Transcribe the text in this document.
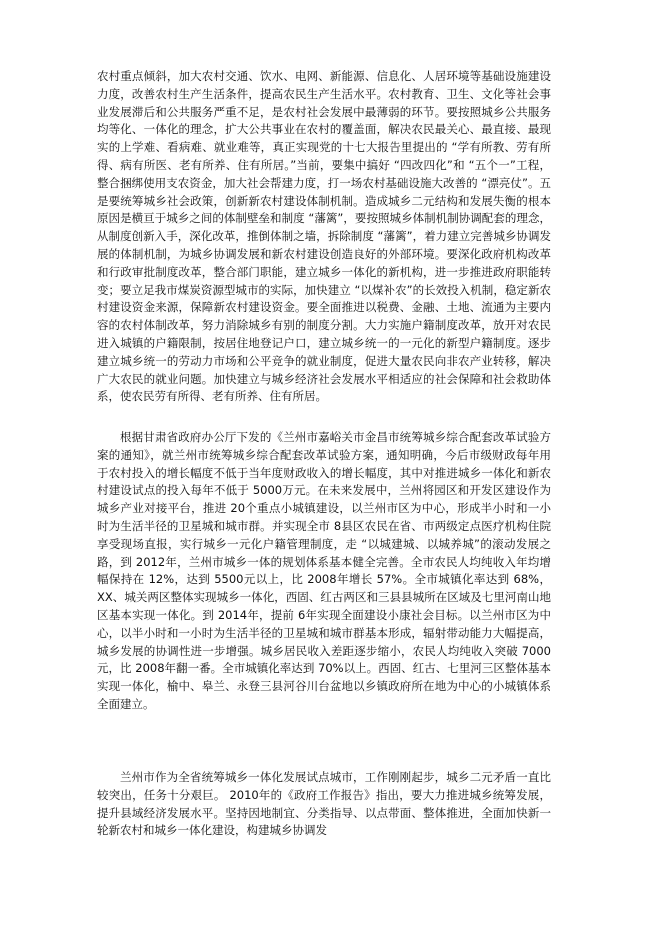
农村重点倾斜，加大农村交通、饮水、电网、新能源、信息化、人居环境等基础设施建设力度，改善农村生产生活条件，提高农民生产生活水平。农村教育、卫生、文化等社会事业发展滞后和公共服务严重不足，是农村社会发展中最薄弱的环节。要按照城乡公共服务均等化、一体化的理念，扩大公共事业在农村的覆盖面，解决农民最关心、最直接、最现实的上学难、看病难、就业难等，真正实现党的十七大报告里提出的 “学有所教、劳有所得、病有所医、老有所养、住有所居。”当前，要集中搞好 “四改四化”和 “五个一”工程，整合捆绑使用支农资金，加大社会帮建力度，打一场农村基础设施大改善的 “漂亮仗”。五是要统筹城乡社会政策，创新新农村建设体制机制。造成城乡二元结构和发展失衡的根本原因是横亘于城乡之间的体制壁垒和制度 “藩篱”，要按照城乡体制机制协调配套的理念，从制度创新入手，深化改革，推倒体制之墙，拆除制度 “藩篱”，着力建立完善城乡协调发展的体制机制，为城乡协调发展和新农村建设创造良好的外部环境。要深化政府机构改革和行政审批制度改革，整合部门职能，建立城乡一体化的新机构，进一步推进政府职能转变；要立足我市煤炭资源型城市的实际，加快建立 “以煤补农”的长效投入机制，稳定新农村建设资金来源，保障新农村建设资金。要全面推进以税费、金融、土地、流通为主要内容的农村体制改革，努力消除城乡有别的制度分割。大力实施户籍制度改革，放开对农民进入城镇的户籍限制，按居住地登记户口，建立城乡统一的一元化的新型户籍制度。逐步建立城乡统一的劳动力市场和公平竞争的就业制度，促进大量农民向非农产业转移，解决广大农民的就业问题。加快建立与城乡经济社会发展水平相适应的社会保障和社会救助体系，使农民劳有所得、老有所养、住有所居。

根据甘肃省政府办公厅下发的《兰州市嘉峪关市金昌市统筹城乡综合配套改革试验方案的通知》，就兰州市统筹城乡综合配套改革试验方案，通知明确，今后市级财政每年用于农村投入的增长幅度不低于当年度财政收入的增长幅度，其中对推进城乡一体化和新农村建设试点的投入每年不低于 5000万元。在未来发展中，兰州将园区和开发区建设作为城乡产业对接平台，推进 20个重点小城镇建设，以兰州市区为中心，形成半小时和一小时为生活半径的卫星城和城市群。并实现全市 8县区农民在省、市两级定点医疗机构住院享受现场直报，实行城乡一元化户籍管理制度，走 “以城建城、以城养城”的滚动发展之路，到 2012年，兰州市城乡一体的规划体系基本健全完善。全市农民人均纯收入年均增幅保持在 12%，达到 5500元以上，比 2008年增长 57%。全市城镇化率达到 68%，XX、城关两区整体实现城乡一体化，西固、红古两区和三县县城所在区域及七里河南山地区基本实现一体化。到 2014年，提前 6年实现全面建设小康社会目标。以兰州市区为中心，以半小时和一小时为生活半径的卫星城和城市群基本形成，辐射带动能力大幅提高，城乡发展的协调性进一步增强。城乡居民收入差距逐步缩小，农民人均纯收入突破 7000元，比 2008年翻一番。全市城镇化率达到 70%以上。西固、红古、七里河三区整体基本实现一体化，榆中、皋兰、永登三县河谷川台盆地以乡镇政府所在地为中心的小城镇体系全面建立。

兰州市作为全省统筹城乡一体化发展试点城市，工作刚刚起步，城乡二元矛盾一直比较突出，任务十分艰巨。 2010年的《政府工作报告》指出，要大力推进城乡统筹发展，提升县域经济发展水平。坚持因地制宜、分类指导、以点带面、整体推进，全面加快新一轮新农村和城乡一体化建设，构建城乡协调发
